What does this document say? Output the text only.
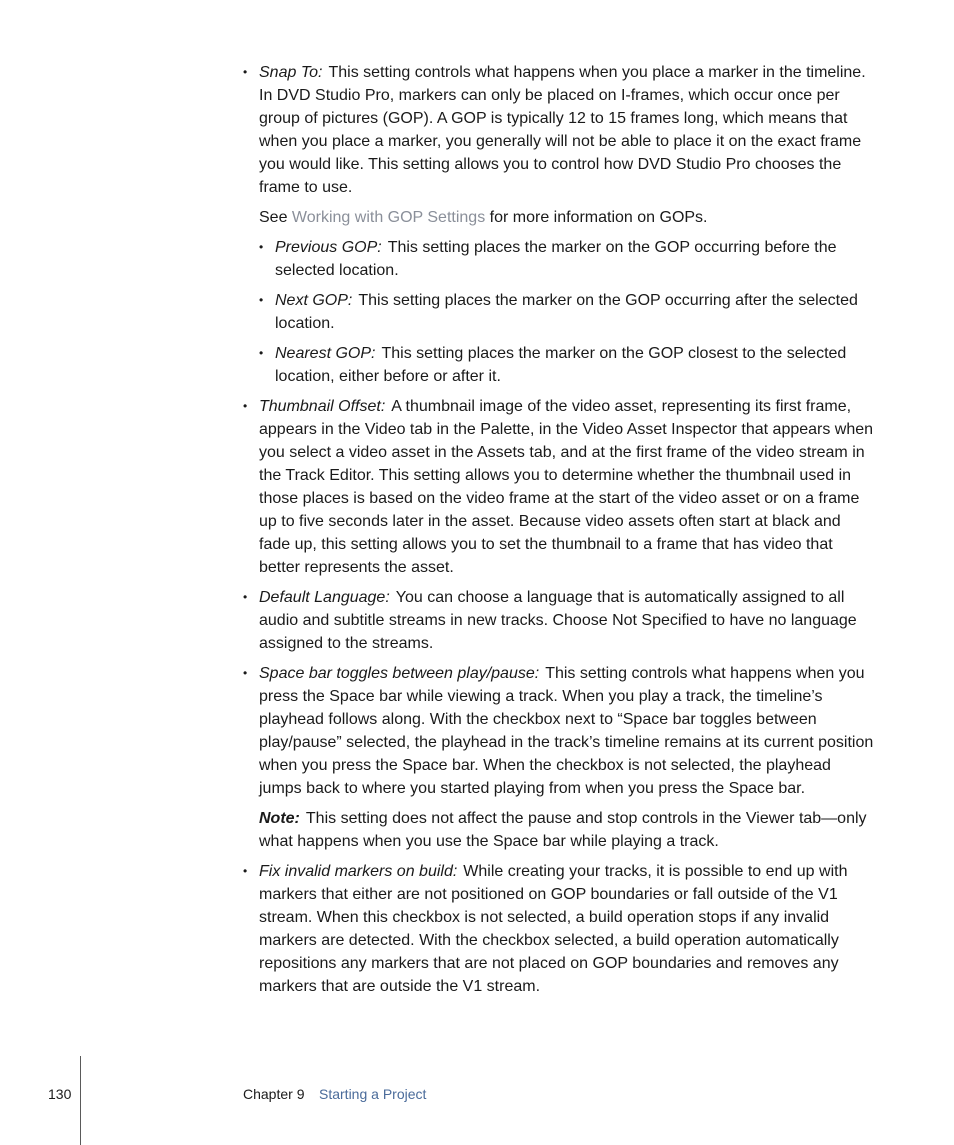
• Snap To: This setting controls what happens when you place a marker in the timeline. In DVD Studio Pro, markers can only be placed on I-frames, which occur once per group of pictures (GOP). A GOP is typically 12 to 15 frames long, which means that when you place a marker, you generally will not be able to place it on the exact frame you would like. This setting allows you to control how DVD Studio Pro chooses the frame to use.
See Working with GOP Settings for more information on GOPs.
• Previous GOP: This setting places the marker on the GOP occurring before the selected location.
• Next GOP: This setting places the marker on the GOP occurring after the selected location.
• Nearest GOP: This setting places the marker on the GOP closest to the selected location, either before or after it.
• Thumbnail Offset: A thumbnail image of the video asset, representing its first frame, appears in the Video tab in the Palette, in the Video Asset Inspector that appears when you select a video asset in the Assets tab, and at the first frame of the video stream in the Track Editor. This setting allows you to determine whether the thumbnail used in those places is based on the video frame at the start of the video asset or on a frame up to five seconds later in the asset. Because video assets often start at black and fade up, this setting allows you to set the thumbnail to a frame that has video that better represents the asset.
• Default Language: You can choose a language that is automatically assigned to all audio and subtitle streams in new tracks. Choose Not Specified to have no language assigned to the streams.
• Space bar toggles between play/pause: This setting controls what happens when you press the Space bar while viewing a track. When you play a track, the timeline’s playhead follows along. With the checkbox next to “Space bar toggles between play/pause” selected, the playhead in the track’s timeline remains at its current position when you press the Space bar. When the checkbox is not selected, the playhead jumps back to where you started playing from when you press the Space bar.
Note: This setting does not affect the pause and stop controls in the Viewer tab—only what happens when you use the Space bar while playing a track.
• Fix invalid markers on build: While creating your tracks, it is possible to end up with markers that either are not positioned on GOP boundaries or fall outside of the V1 stream. When this checkbox is not selected, a build operation stops if any invalid markers are detected. With the checkbox selected, a build operation automatically repositions any markers that are not placed on GOP boundaries and removes any markers that are outside the V1 stream.
130	Chapter 9 Starting a Project
